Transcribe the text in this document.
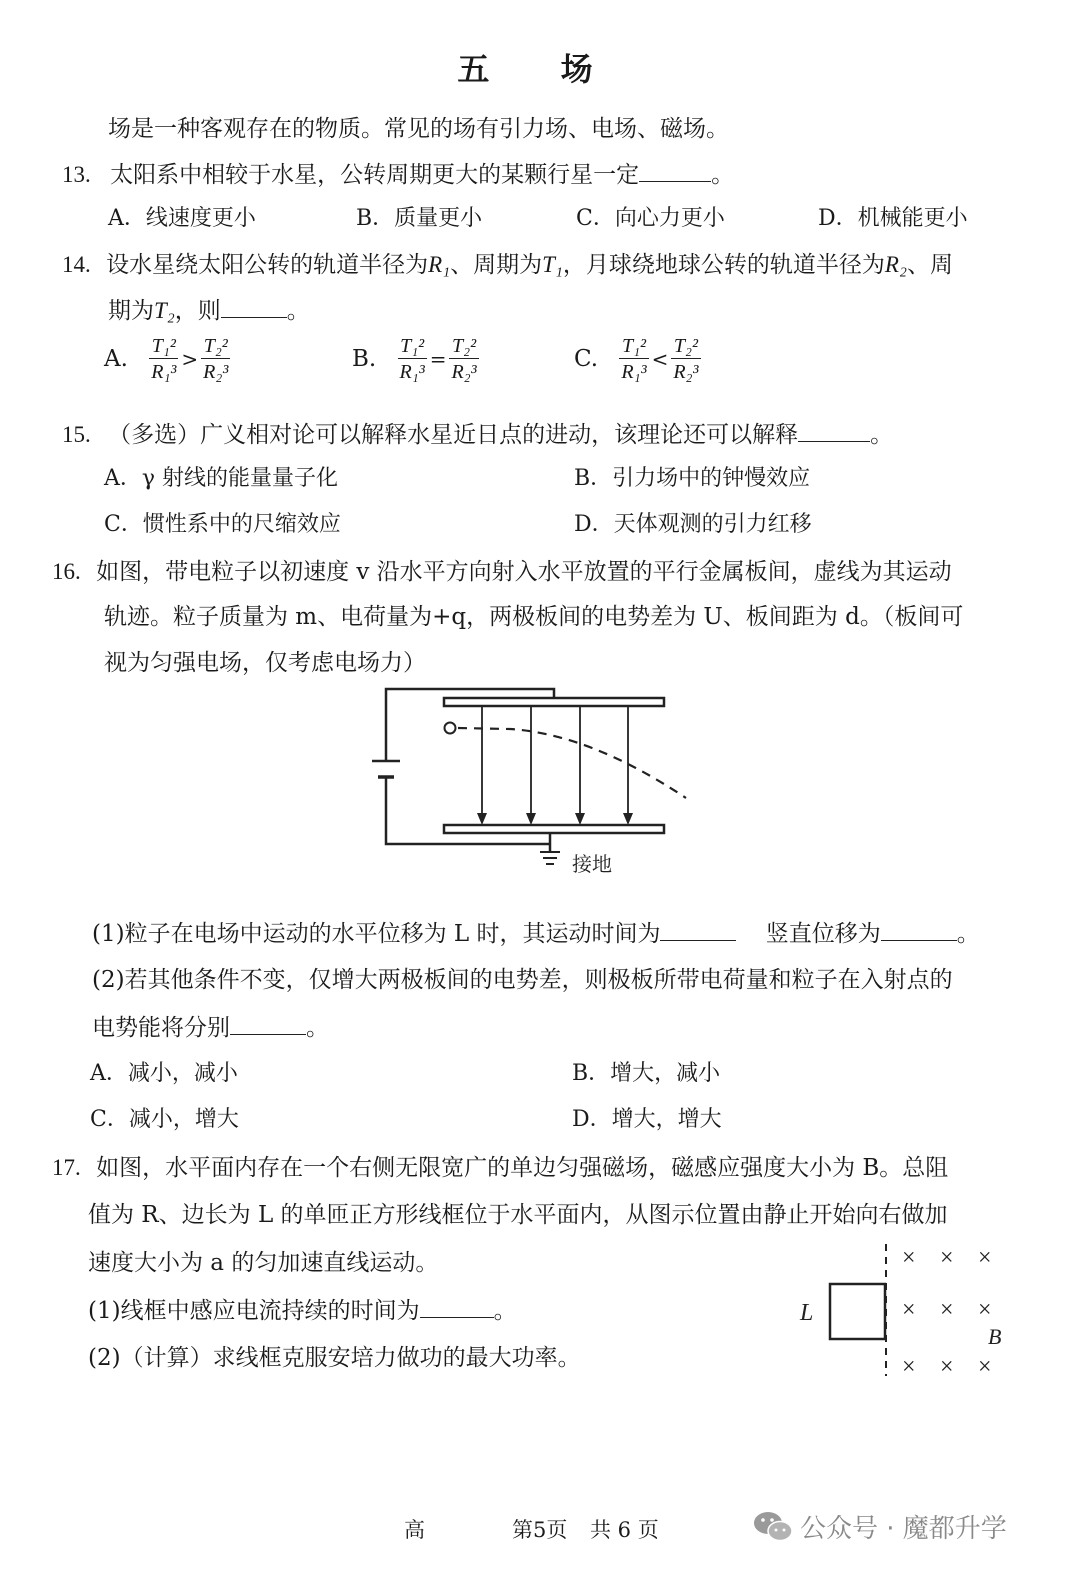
五 场
场是一种客观存在的物质。常见的场有引力场、电场、磁场。
13. 太阳系中相较于水星，公转周期更大的某颗行星一定	。
A．线速度更小	B．质量更小	C．向心力更小	D．机械能更小
14. 设水星绕太阳公转的轨道半径为R₁、周期为T₁，月球绕地球公转的轨道半径为R₂、周
期为T₂，则	。
A. $\frac{\text{T₁²}}{\text{R₁³}} > \frac{\text{T₂²}}{\text{R₂³}}$	B. $\frac{\text{T₁²}}{\text{R₁³}} = \frac{\text{T₂²}}{\text{R₂³}}$	C. $\frac{\text{T₁²}}{\text{R₁³}} < \frac{\text{T₂²}}{\text{R₂³}}$
15. （多选）广义相对论可以解释水星近日点的进动，该理论还可以解释	。
A．γ 射线的能量量子化	B．引力场中的钟慢效应
C．惯性系中的尺缩效应	D．天体观测的引力红移
16. 如图，带电粒子以初速度 v 沿水平方向射入水平放置的平行金属板间，虚线为其运动
轨迹。粒子质量为 m、电荷量为+q，两极板间的电势差为 U、板间距为 d。（板间可
视为匀强电场，仅考虑电场力）
接地
(1)粒子在电场中运动的水平位移为 L 时，其运动时间为	竖直位移为	。
(2)若其他条件不变，仅增大两极板间的电势差，则极板所带电荷量和粒子在入射点的
电势能将分别	。
A．减小，减小	B．增大，减小
C．减小，增大	D．增大，增大
17. 如图，水平面内存在一个右侧无限宽广的单边匀强磁场，磁感应强度大小为 B。总阻
值为 R、边长为 L 的单匝正方形线框位于水平面内，从图示位置由静止开始向右做加
速度大小为 a 的匀加速直线运动。
(1)线框中感应电流持续的时间为	。
(2)（计算）求线框克服安培力做功的最大功率。
L
× × ×
× × ×
× × ×
B
高	第5页 共 6 页	公众号 · 魔都升学
